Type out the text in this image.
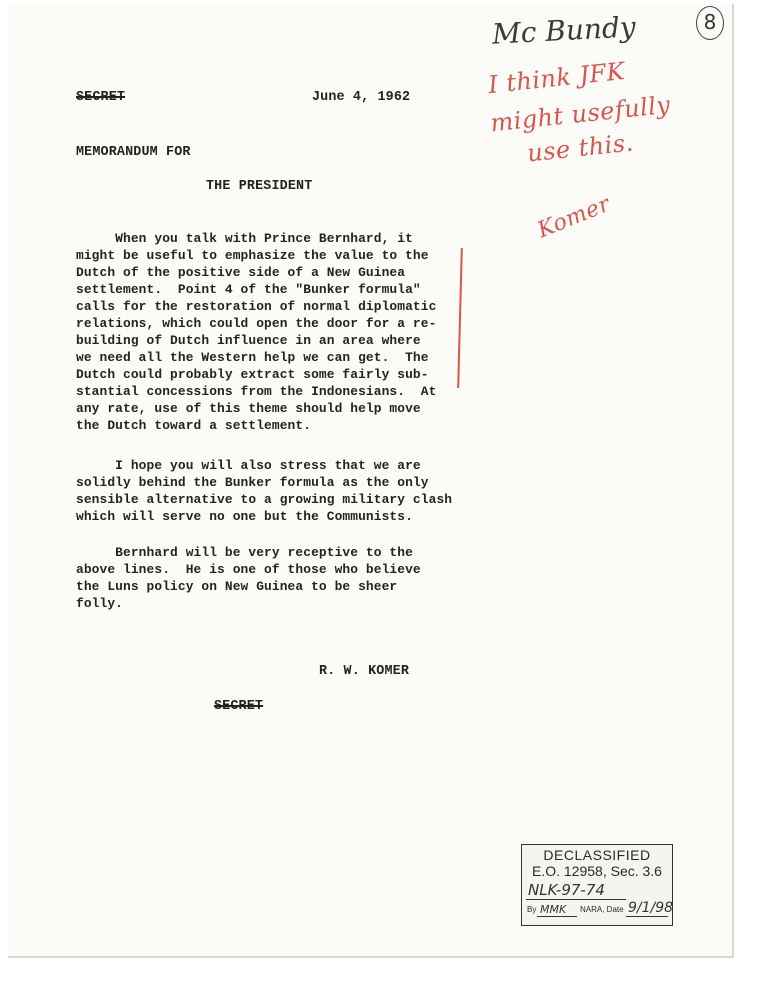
SECRET	June 4, 1962
MEMORANDUM FOR
THE PRESIDENT
When you talk with Prince Bernhard, it
might be useful to emphasize the value to the
Dutch of the positive side of a New Guinea
settlement.  Point 4 of the "Bunker formula"
calls for the restoration of normal diplomatic
relations, which could open the door for a re-
building of Dutch influence in an area where
we need all the Western help we can get.  The
Dutch could probably extract some fairly sub-
stantial concessions from the Indonesians.  At
any rate, use of this theme should help move
the Dutch toward a settlement.
I hope you will also stress that we are
solidly behind the Bunker formula as the only
sensible alternative to a growing military clash
which will serve no one but the Communists.
Bernhard will be very receptive to the
above lines.  He is one of those who believe
the Luns policy on New Guinea to be sheer
folly.
R. W. KOMER
SECRET
Mc Bundy	8
I think JFK
might usefully
use this.
Komer
DECLASSIFIED
E.O. 12958, Sec. 3.6
NLK-97-74
By MMK NARA, Date 9/1/98
